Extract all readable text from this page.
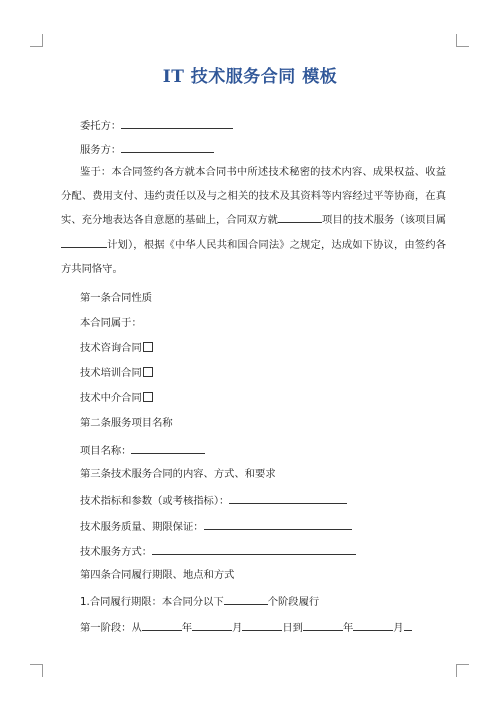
IT 技术服务合同 模板
委托方：
服务方：
鉴于：本合同签约各方就本合同书中所述技术秘密的技术内容、成果权益、收益分配、费用支付、违约责任以及与之相关的技术及其资料等内容经过平等协商，在真实、充分地表达各自意愿的基础上，合同双方就	项目的技术服务（该项目属计划），根据《中华人民共和国合同法》之规定，达成如下协议，由签约各方共同恪守。
第一条合同性质
本合同属于：
技术咨询合同
技术培训合同
技术中介合同
第二条服务项目名称
项目名称：
第三条技术服务合同的内容、方式、和要求
技术指标和参数（或考核指标）：
技术服务质量、期限保证：
技术服务方式：
第四条合同履行期限、地点和方式
1.合同履行期限：本合同分以下	个阶段履行
第一阶段：从	年	月	日到	年	月
